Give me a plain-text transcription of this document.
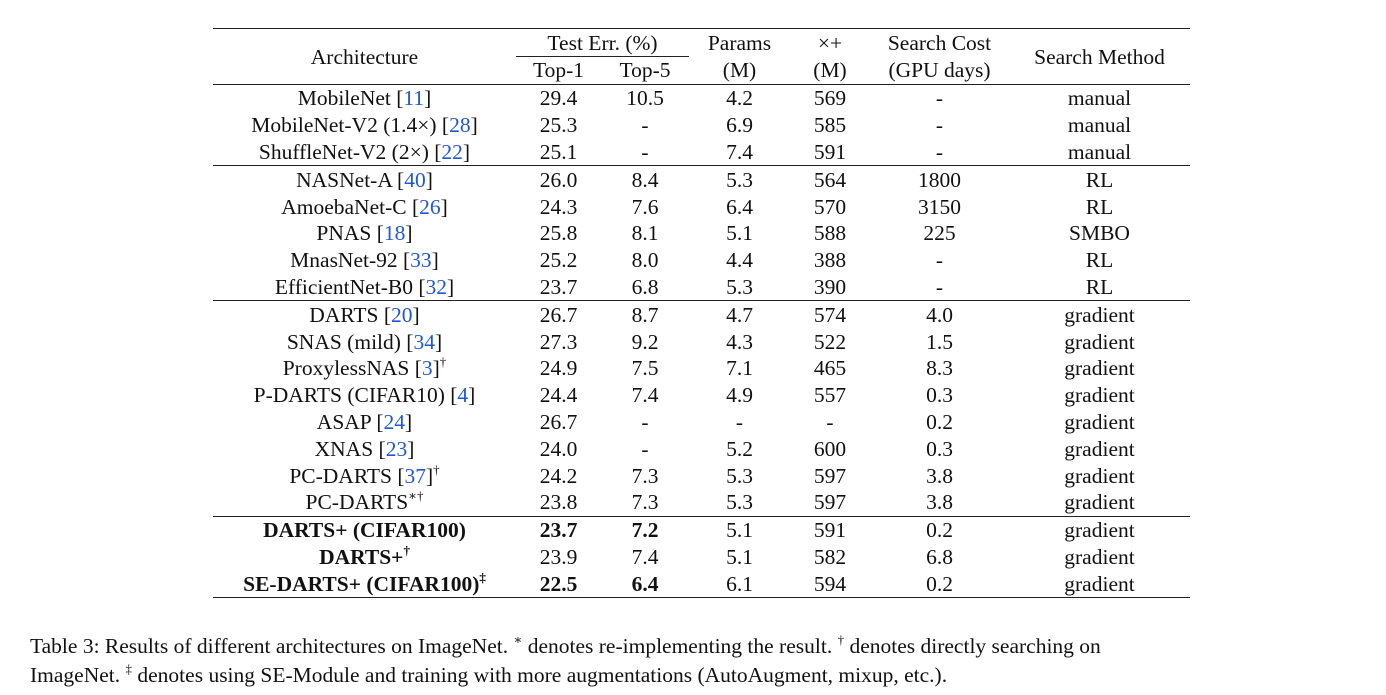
Architecture	Test Err. (%)		Params	×+	Search Cost	Search Method
	Top-1	Top-5	(M)	(M)	(GPU days)	
MobileNet [11]	29.4	10.5	4.2	569	-	manual
MobileNet-V2 (1.4×) [28]	25.3	-	6.9	585	-	manual
ShuffleNet-V2 (2×) [22]	25.1	-	7.4	591	-	manual
NASNet-A [40]	26.0	8.4	5.3	564	1800	RL
AmoebaNet-C [26]	24.3	7.6	6.4	570	3150	RL
PNAS [18]	25.8	8.1	5.1	588	225	SMBO
MnasNet-92 [33]	25.2	8.0	4.4	388	-	RL
EfficientNet-B0 [32]	23.7	6.8	5.3	390	-	RL
DARTS [20]	26.7	8.7	4.7	574	4.0	gradient
SNAS (mild) [34]	27.3	9.2	4.3	522	1.5	gradient
ProxylessNAS [3]†	24.9	7.5	7.1	465	8.3	gradient
P-DARTS (CIFAR10) [4]	24.4	7.4	4.9	557	0.3	gradient
ASAP [24]	26.7	-	-	-	0.2	gradient
XNAS [23]	24.0	-	5.2	600	0.3	gradient
PC-DARTS [37]†	24.2	7.3	5.3	597	3.8	gradient
PC-DARTS∗†	23.8	7.3	5.3	597	3.8	gradient
DARTS+ (CIFAR100)	23.7	7.2	5.1	591	0.2	gradient
DARTS+†	23.9	7.4	5.1	582	6.8	gradient
SE-DARTS+ (CIFAR100)‡	22.5	6.4	6.1	594	0.2	gradient
Table 3: Results of different architectures on ImageNet. ∗ denotes re-implementing the result. † denotes directly searching on
ImageNet. ‡ denotes using SE-Module and training with more augmentations (AutoAugment, mixup, etc.).
